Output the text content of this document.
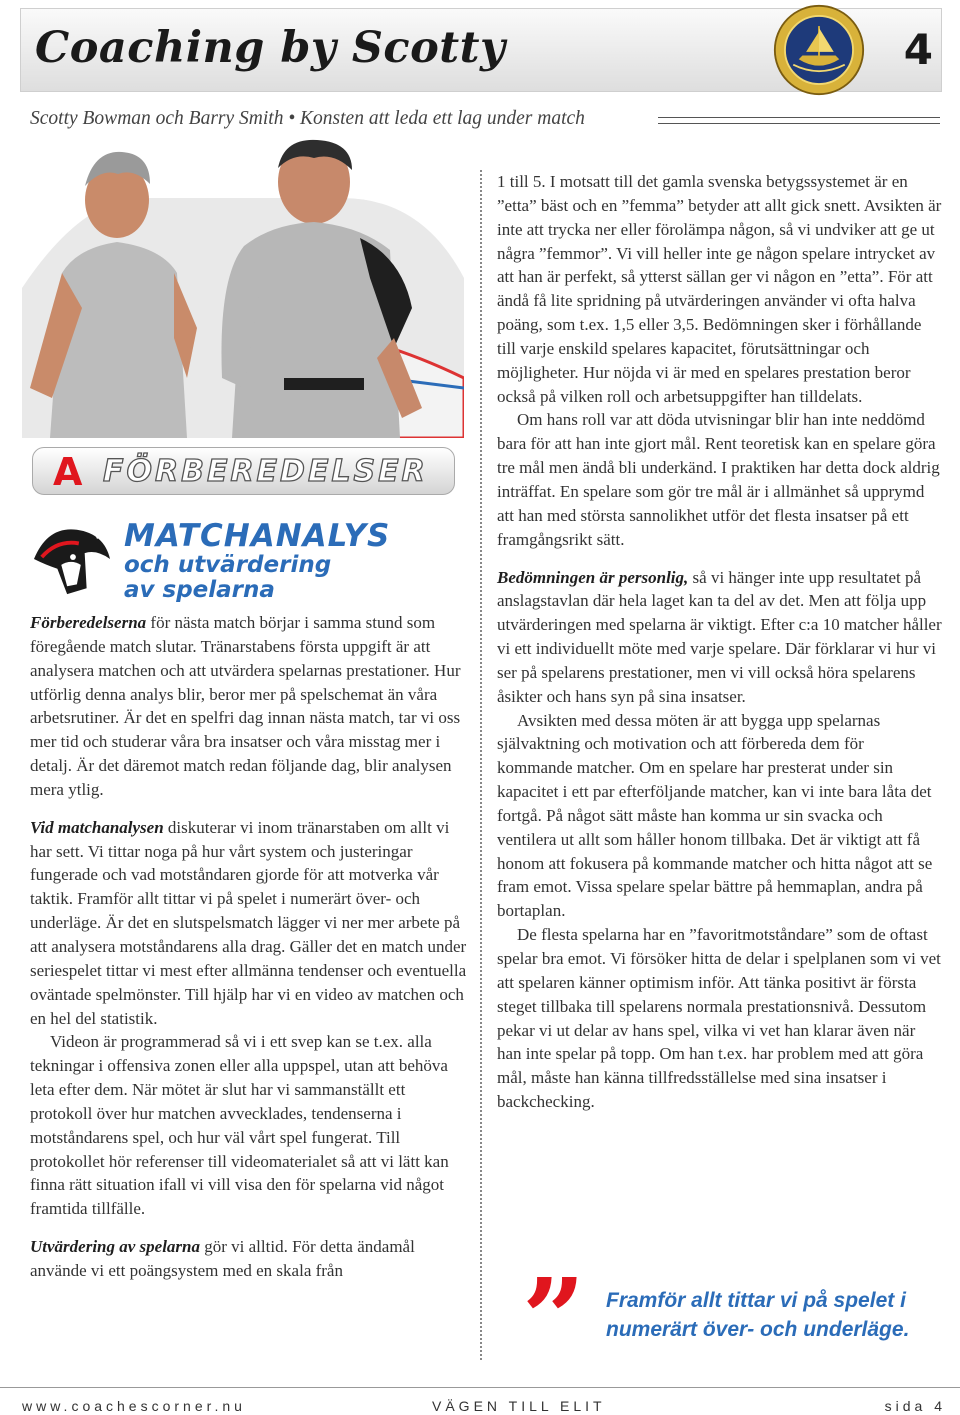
Coaching by Scotty	4
Scotty Bowman och Barry Smith • Konsten att leda ett lag under match
A FÖRBEREDELSER
MATCHANALYS
och utvärdering
av spelarna

Förberedelserna för nästa match börjar i samma stund som föregående match slutar. Tränarstabens första uppgift är att analysera matchen och att utvärdera spelarnas prestationer. Hur utförlig denna analys blir, beror mer på spelschemat än våra arbetsrutiner. Är det en spelfri dag innan nästa match, tar vi oss mer tid och studerar våra bra insatser och våra misstag mer i detalj. Är det däremot match redan följande dag, blir analysen mera ytlig.

Vid matchanalysen diskuterar vi inom tränarstaben om allt vi har sett. Vi tittar noga på hur vårt system och justeringar fungerade och vad motståndaren gjorde för att motverka vår taktik. Framför allt tittar vi på spelet i numerärt över- och underläge. Är det en slutspelsmatch lägger vi ner mer arbete på att analysera motståndarens alla drag. Gäller det en match under seriespelet tittar vi mest efter allmänna tendenser och eventuella oväntade spelmönster. Till hjälp har vi en video av matchen och en hel del statistik.

Videon är programmerad så vi i ett svep kan se t.ex. alla tekningar i offensiva zonen eller alla uppspel, utan att behöva leta efter dem. När mötet är slut har vi sammanställt ett protokoll över hur matchen avvecklades, tendenserna i motståndarens spel, och hur väl vårt spel fungerat. Till protokollet hör referenser till videomaterialet så att vi lätt kan finna rätt situation ifall vi vill visa den för spelarna vid något framtida tillfälle.

Utvärdering av spelarna gör vi alltid. För detta ändamål använde vi ett poängsystem med en skala från

1 till 5. I motsatt till det gamla svenska betygssystemet är en ”etta” bäst och en ”femma” betyder att allt gick snett. Avsikten är inte att trycka ner eller förolämpa någon, så vi undviker att ge ut några ”femmor”. Vi vill heller inte ge någon spelare intrycket av att han är perfekt, så ytterst sällan ger vi någon en ”etta”. För att ändå få lite spridning på utvärderingen använder vi ofta halva poäng, som t.ex. 1,5 eller 3,5. Bedömningen sker i förhållande till varje enskild spelares kapacitet, förutsättningar och möjligheter. Hur nöjda vi är med en spelares prestation beror också på vilken roll och arbetsuppgifter han tilldelats.

Om hans roll var att döda utvisningar blir han inte neddömd bara för att han inte gjort mål. Rent teoretisk kan en spelare göra tre mål men ändå bli underkänd. I praktiken har detta dock aldrig inträffat. En spelare som gör tre mål är i allmänhet så upprymd att han med största sannolikhet utför det flesta insatser på ett framgångsrikt sätt.

Bedömningen är personlig, så vi hänger inte upp resultatet på anslagstavlan där hela laget kan ta del av det. Men att följa upp utvärderingen med spelarna är viktigt. Efter c:a 10 matcher håller vi ett individuellt möte med varje spelare. Där förklarar vi hur vi ser på spelarens prestationer, men vi vill också höra spelarens åsikter och hans syn på sina insatser.

Avsikten med dessa möten är att bygga upp spelarnas självaktning och motivation och att förbereda dem för kommande matcher. Om en spelare har presterat under sin kapacitet i ett par efterföljande matcher, kan vi inte bara låta det fortgå. På något sätt måste han komma ur sin svacka och ventilera ut allt som håller honom tillbaka. Det är viktigt att få honom att fokusera på kommande matcher och hitta något att se fram emot. Vissa spelare spelar bättre på hemmaplan, andra på bortaplan.

De flesta spelarna har en ”favoritmotståndare” som de oftast spelar bra emot. Vi försöker hitta de delar i spelplanen som vi vet att spelaren känner optimism inför. Att tänka positivt är första steget tillbaka till spelarens normala prestationsnivå. Dessutom pekar vi ut delar av hans spel, vilka vi vet han klarar även när han inte spelar på topp. Om han t.ex. har problem med att göra mål, måste han känna tillfredsställelse med sina insatser i backchecking.

” Framför allt tittar vi på spelet i
numerärt över- och underläge.
www.coachescorner.nu	VÄGEN TILL ELIT	sida 4
